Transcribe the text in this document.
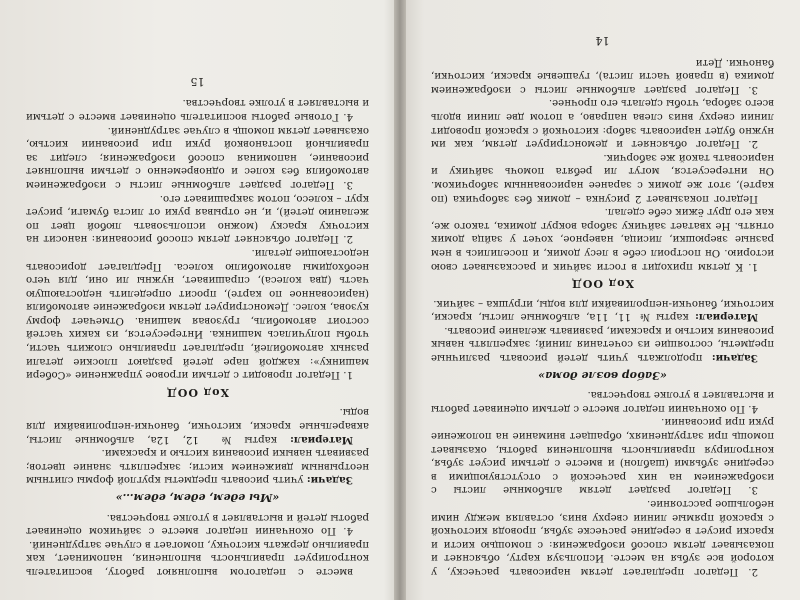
вместе с педагогом выполняют работу, воспитатель контролирует правильность выполнения, напоминает, как правильно держать кисточку, помогает в случае затруднений.

4. По окончании педагог вместе с зайчиком оценивает работы детей и выставляет в уголке творчества.

«Мы едем, едем, едем…»

Задачи: учить рисовать предметы круглой формы слитным неотрывным движением кисти; закреплять знание цветов; развивать навыки рисования кистью и красками.

Материал: карты № 12, 12а, альбомные листы, акварельные краски, кисточки, баночки-непроливайки для воды.

Ход ООД

1. Педагог проводит с детьми игровое упражнение «Собери машинку»: каждой паре детей раздают плоские детали разных автомобилей, предлагает правильно сложить части, чтобы получилась машинка. Интересуется, из каких частей состоит автомобиль, грузовая машина. Отмечает форму кузова, колес. Демонстрирует детям изображение автомобиля (нарисованное по карте), просит определить недостающую часть (два колеса), спрашивает, нужны ли они, для чего необходимы автомобилю колеса. Предлагает дорисовать недостающие детали.

2. Педагог объясняет детям способ рисования: наносит на кисточку краску (можно использовать любой цвет по желанию детей), и, не отрывая руки от листа бумаги, рисует круг – колесо, потом закрашивает его.

3. Педагог раздает альбомные листы с изображением автомобиля без колес и одновременно с детьми выполняет рисование, напоминая способ изображения; следит за правильной постановкой руки при рисовании кистью, оказывает детям помощь в случае затруднений.

4. Готовые работы воспитатель оценивает вместе с детьми и выставляет в уголке творчества.

15

2. Педагог предлагает детям нарисовать расческу, у которой все зубья на месте. Используя карту, объясняет и показывает детям способ изображения: с помощью кисти и краски рисует в середине расческе зубья, проводя кисточкой с краской прямые линии сверху вниз, оставляя между ними небольшое расстояние.

3. Педагог раздает детям альбомные листы с изображением на них расческой с отсутствующими в середине зубьями (шаблон) и вместе с детьми рисует зубья, контролируя правильность выполнения работы, оказывает помощь при затруднениях, обращает внимание на положение руки при рисовании.

4. По окончании педагог вместе с детьми оценивает работы и выставляет в уголке творчества.

«Забор возле дома»

Задачи: продолжать учить детей рисовать различные предметы, состоящие из сочетания линий; закреплять навык рисования кистью и красками, развивать желание рисовать.

Материал: карты № 11, 11а, альбомные листы, краски, кисточки, баночки-непроливайки для воды, игрушка – зайчик.

Ход ООД

1. К детям приходит в гости зайчик и рассказывает свою историю. Он построил себе в лесу домик, и поселились в нем разные зверюшки, лисица, наверное, хочет у зайца домик отнять. Не хватает зайчику забора вокруг домика, такого же, как его друг ёжик себе сделал.

Педагог показывает 2 рисунка – домик без заборчика (по карте), этот же домик с заранее нарисованным заборчиком. Он интересуется, могут ли ребята помочь зайчику и нарисовать такой же заборчик.

2. Педагог объясняет и демонстрирует детям, как им нужно будет нарисовать забор: кисточкой с краской проводит линии сверху вниз слева направо, а потом две линии вдоль всего забора, чтобы сделать его прочнее.

3. Педагог раздает альбомные листы с изображением домика (в правой части листа), гуашевые краски, кисточки, баночки. Дети

14
